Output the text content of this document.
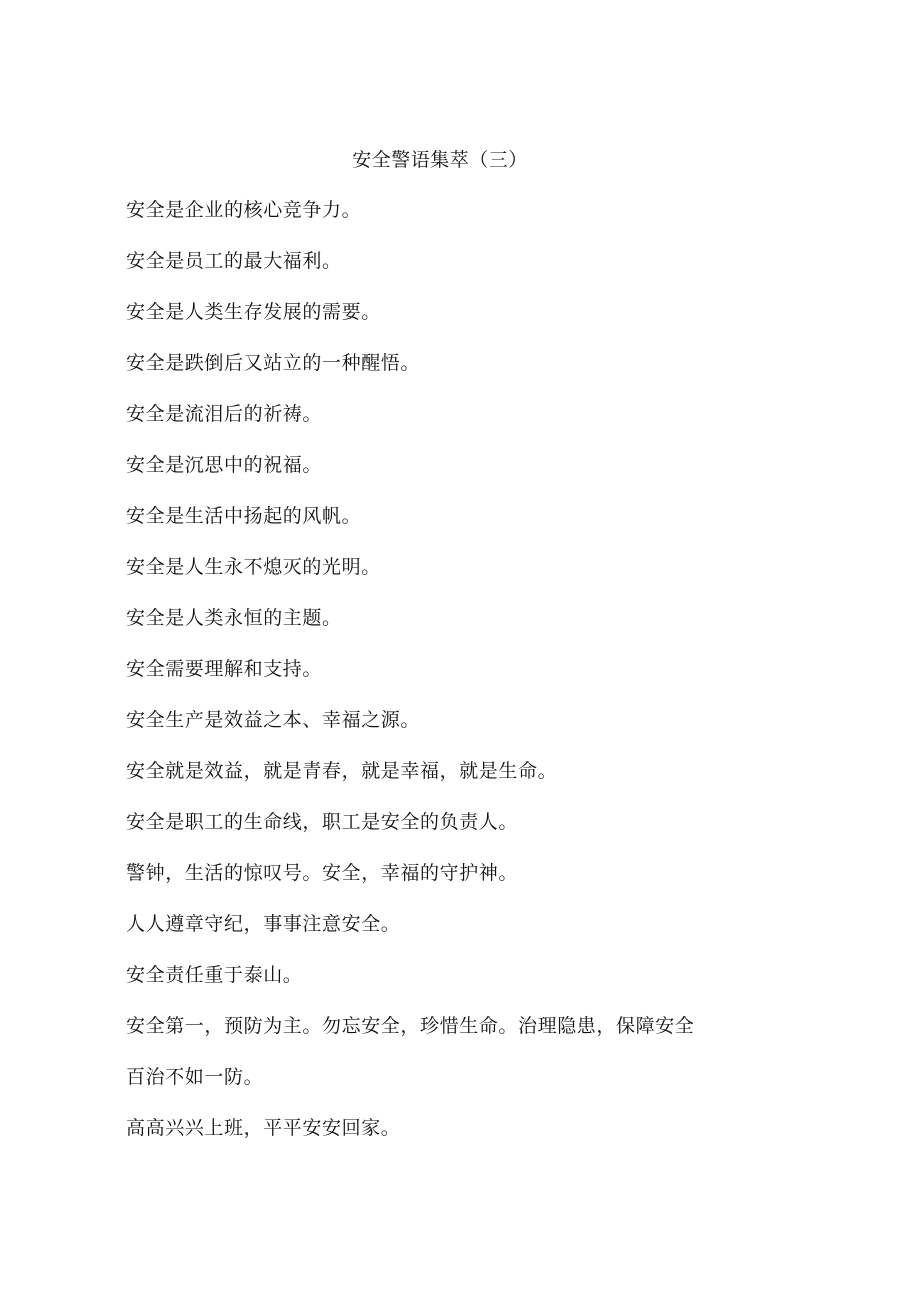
安全警语集萃（三）
安全是企业的核心竞争力。
安全是员工的最大福利。
安全是人类生存发展的需要。
安全是跌倒后又站立的一种醒悟。
安全是流泪后的祈祷。
安全是沉思中的祝福。
安全是生活中扬起的风帆。
安全是人生永不熄灭的光明。
安全是人类永恒的主题。
安全需要理解和支持。
安全生产是效益之本、幸福之源。
安全就是效益，就是青春，就是幸福，就是生命。
安全是职工的生命线，职工是安全的负责人。
警钟，生活的惊叹号。安全，幸福的守护神。
人人遵章守纪，事事注意安全。
安全责任重于泰山。
安全第一，预防为主。勿忘安全，珍惜生命。治理隐患，保障安全
百治不如一防。
高高兴兴上班，平平安安回家。
